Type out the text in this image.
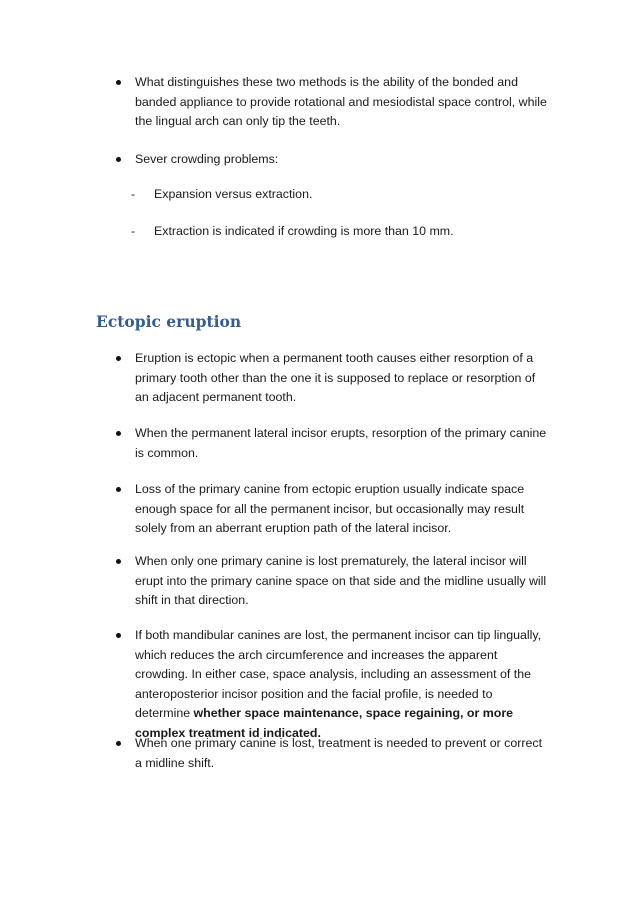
What distinguishes these two methods is the ability of the bonded and banded appliance to provide rotational and mesiodistal space control, while the lingual arch can only tip the teeth.
Sever crowding problems:
- Expansion versus extraction.
- Extraction is indicated if crowding is more than 10 mm.
Ectopic eruption
Eruption is ectopic when a permanent tooth causes either resorption of a primary tooth other than the one it is supposed to replace or resorption of an adjacent permanent tooth.
When the permanent lateral incisor erupts, resorption of the primary canine is common.
Loss of the primary canine from ectopic eruption usually indicate space enough space for all the permanent incisor, but occasionally may result solely from an aberrant eruption path of the lateral incisor.
When only one primary canine is lost prematurely, the lateral incisor will erupt into the primary canine space on that side and the midline usually will shift in that direction.
If both mandibular canines are lost, the permanent incisor can tip lingually, which reduces the arch circumference and increases the apparent crowding. In either case, space analysis, including an assessment of the anteroposterior incisor position and the facial profile, is needed to determine whether space maintenance, space regaining, or more complex treatment id indicated.
When one primary canine is lost, treatment is needed to prevent or correct a midline shift.
